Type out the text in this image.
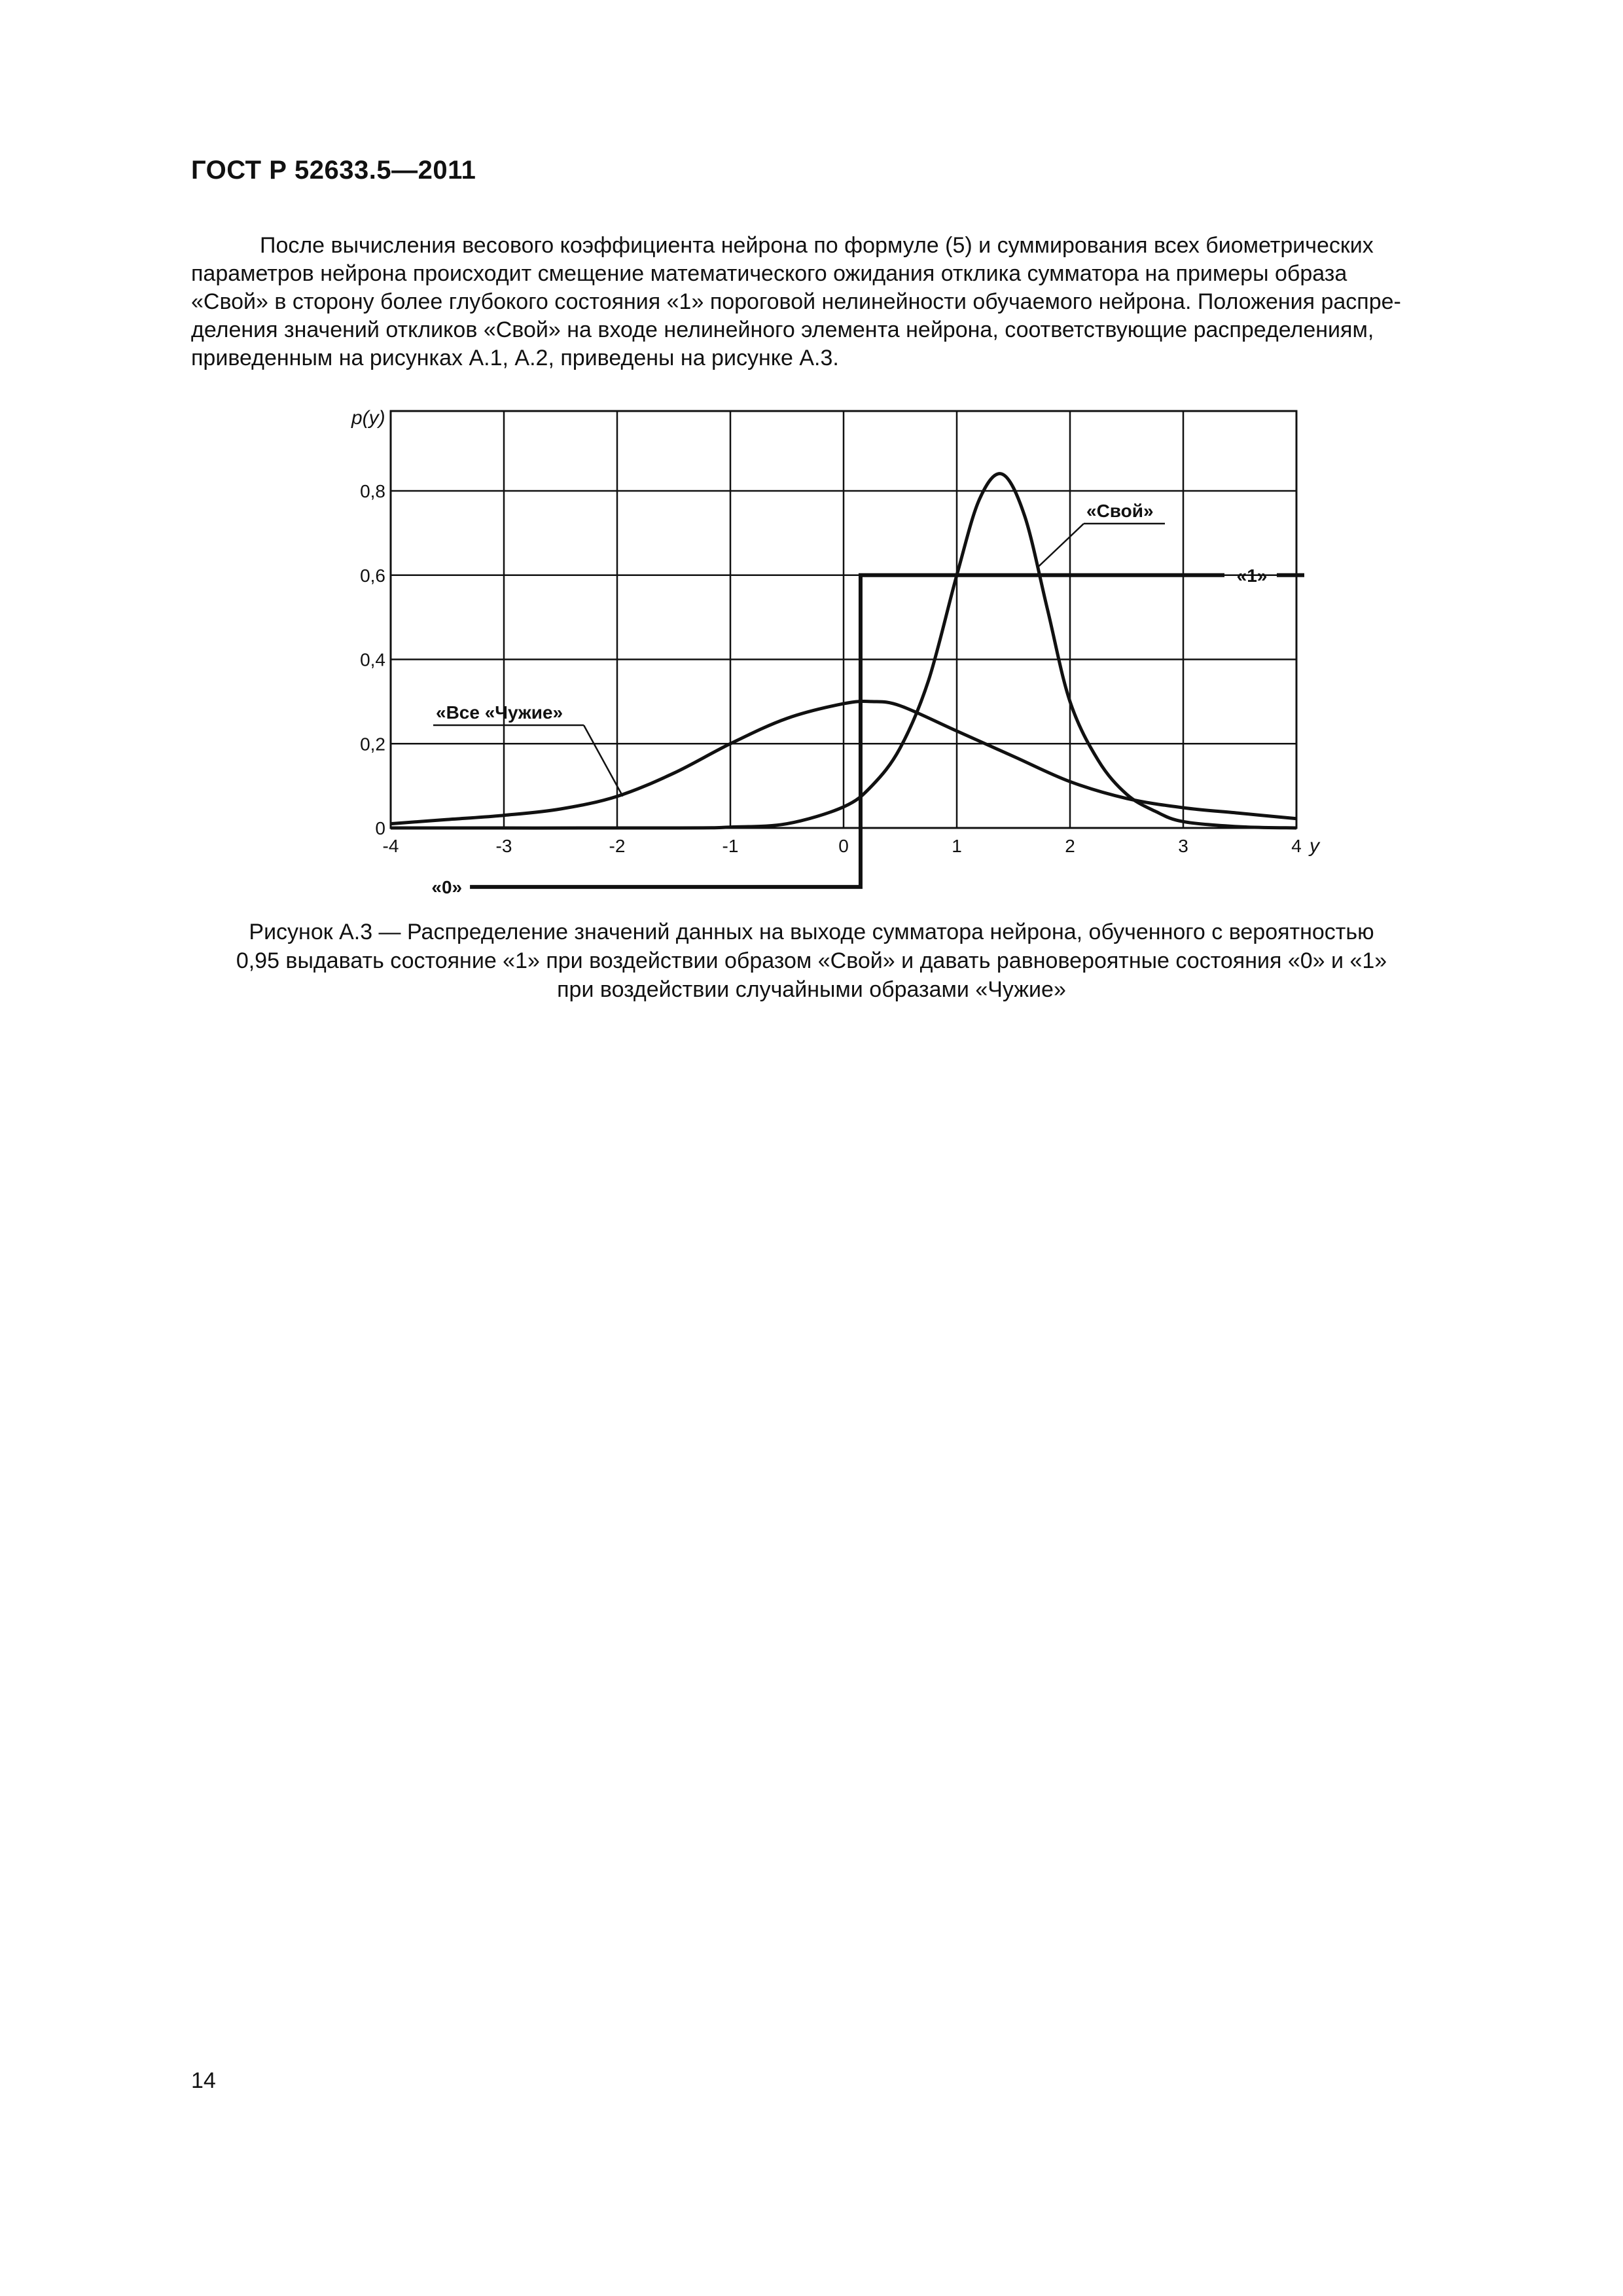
ГОСТ Р 52633.5—2011
После вычисления весового коэффициента нейрона по формуле (5) и суммирования всех биометрических
параметров нейрона происходит смещение математического ожидания отклика сумматора на примеры образа
«Свой» в сторону более глубокого состояния «1» пороговой нелинейности обучаемого нейрона. Положения распре-
деления значений откликов «Свой» на входе нелинейного элемента нейрона, соответствующие распределениям,
приведенным на рисунках А.1, А.2, приведены на рисунке А.3.
-4	-3	-2	-1	0	1	2	3	4
0
0,2
0,4
0,6
0,8
p(y)
y
«0»
«1»
«Все «Чужие»
«Свой»
Рисунок А.3 — Распределение значений данных на выходе сумматора нейрона, обученного с вероятностью
0,95 выдавать состояние «1» при воздействии образом «Свой» и давать равновероятные состояния «0» и «1»
при воздействии случайными образами «Чужие»
14
